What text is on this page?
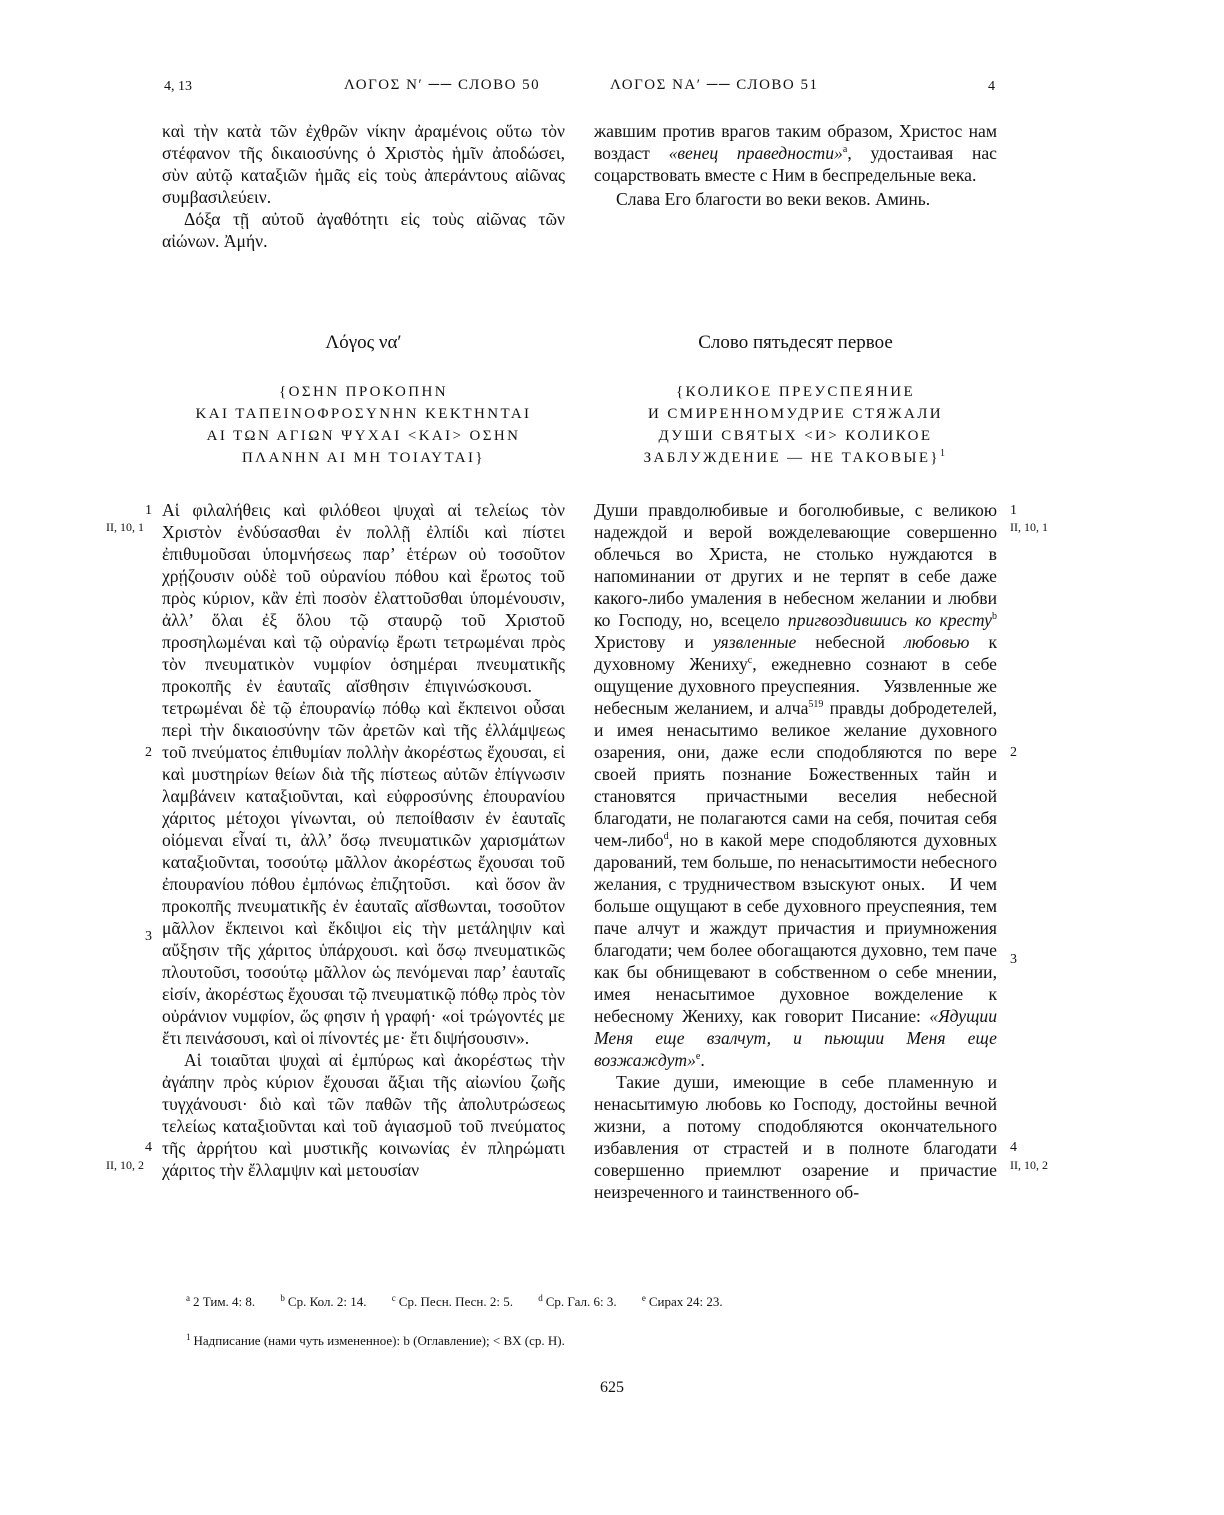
4, 13	ΛΟΓΟΣ Ν′ ── СЛОВО 50	ΛΟΓΟΣ ΝΑ′ ── СЛОВО 51	4

καὶ τὴν κατὰ τῶν ἐχθρῶν νίκην ἀραμένοις οὕτω τὸν στέφανον τῆς δικαιοσύνης ὁ Χριστὸς ἡμῖν ἀποδώσει, σὺν αὐτῷ καταξιῶν ἡμᾶς εἰς τοὺς ἀπεράντους αἰῶνας συμβασιλεύειν.

Δόξα τῇ αὐτοῦ ἀγαθότητι εἰς τοὺς αἰῶνας τῶν αἰώνων. Ἀμήν.

жавшим против врагов таким образом, Христос нам воздаст «венец праведности»$^a$, удостаивая нас соцарствовать вместе с Ним в беспредельные века.

Слава Его благости во веки веков. Аминь.

Λόγος να′	Слово пятьдесят первое
{ΟΣΗΝ ΠΡΟΚΟΠΗΝ
ΚΑΙ ΤΑΠΕΙΝΟΦΡΟΣΥΝΗΝ ΚΕΚΤΗΝΤΑΙ
ΑΙ ΤΩΝ ΑΓΙΩΝ ΨΥΧΑΙ <ΚΑΙ> ΟΣΗΝ
ΠΛΑΝΗΝ ΑΙ ΜΗ ΤΟΙΑΥΤΑΙ}
{КОЛИКОЕ ПРЕУСПЕЯНИЕ
И СМИРЕННОМУДРИЕ СТЯЖАЛИ
ДУШИ СВЯТЫХ <И> КОЛИКОЕ
ЗАБЛУЖДЕНИЕ — НЕ ТАКОВЫЕ}$^1$

Αἱ φιλαλήθεις καὶ φιλόθεοι ψυχαὶ αἱ τελείως τὸν Χριστὸν ἐνδύσασθαι ἐν πολλῇ ἐλπίδι καὶ πίστει ἐπιθυμοῦσαι ὑπομνήσεως παρ’ ἑτέρων οὐ τοσοῦτον χρῄζουσιν οὐδὲ τοῦ οὐρανίου πόθου καὶ ἔρωτος τοῦ πρὸς κύριον, κἂν ἐπὶ ποσὸν ἐλαττοῦσθαι ὑπομένουσιν, ἀλλ’ ὅλαι ἐξ ὅλου τῷ σταυρῷ τοῦ Χριστοῦ προσηλωμέναι καὶ τῷ οὐρανίῳ ἔρωτι τετρωμέναι πρὸς τὸν πνευματικὸν νυμφίον ὁσημέραι πνευματικῆς προκοπῆς ἐν ἑαυταῖς αἴσθησιν ἐπιγινώσκουσι.  τετρωμέναι δὲ τῷ ἐπουρανίῳ πόθῳ καὶ ἔκπεινοι οὖσαι περὶ τὴν δικαιοσύνην τῶν ἀρετῶν καὶ τῆς ἐλλάμψεως τοῦ πνεύματος ἐπιθυμίαν πολλὴν ἀκορέστως ἔχουσαι, εἰ καὶ μυστηρίων θείων διὰ τῆς πίστεως αὐτῶν ἐπίγνωσιν λαμβάνειν καταξιοῦνται, καὶ εὐφροσύνης ἐπουρανίου χάριτος μέτοχοι γίνωνται, οὐ πεποίθασιν ἐν ἑαυταῖς οἰόμεναι εἶναί τι, ἀλλ’ ὅσῳ πνευματικῶν χαρισμάτων καταξιοῦνται, τοσούτῳ μᾶλλον ἀκορέστως ἔχουσαι τοῦ ἐπουρανίου πόθου ἐμπόνως ἐπιζητοῦσι.  καὶ ὅσον ἂν προκοπῆς πνευματικῆς ἐν ἑαυταῖς αἴσθωνται, τοσοῦτον μᾶλλον ἔκπεινοι καὶ ἔκδιψοι εἰς τὴν μετάληψιν καὶ αὔξησιν τῆς χάριτος ὑπάρχουσι. καὶ ὅσῳ πνευματικῶς πλουτοῦσι, τοσούτῳ μᾶλλον ὡς πενόμεναι παρ’ ἑαυταῖς εἰσίν, ἀκορέστως ἔχουσαι τῷ πνευματικῷ πόθῳ πρὸς τὸν οὐράνιον νυμφίον, ὥς φησιν ἡ γραφή· «οἱ τρώγοντές με ἔτι πεινάσουσι, καὶ οἱ πίνοντές με· ἔτι διψήσουσιν».

Αἱ τοιαῦται ψυχαὶ αἱ ἐμπύρως καὶ ἀκορέστως τὴν ἀγάπην πρὸς κύριον ἔχουσαι ἄξιαι τῆς αἰωνίου ζωῆς τυγχάνουσι· διὸ καὶ τῶν παθῶν τῆς ἀπολυτρώσεως τελείως καταξιοῦνται καὶ τοῦ ἁγιασμοῦ τοῦ πνεύματος τῆς ἀρρήτου καὶ μυστικῆς κοινωνίας ἐν πληρώματι χάριτος τὴν ἔλλαμψιν καὶ μετουσίαν

Души правдолюбивые и боголюбивые, с великою надеждой и верой вожделевающие совершенно облечься во Христа, не столько нуждаются в напоминании от других и не терпят в себе даже какого-либо умаления в небесном желании и любви ко Господу, но, всецело пригвоздившись ко кресту$^b$ Христову и уязвленные небесной любовью к духовному Жениху$^c$, ежедневно сознают в себе ощущение духовного преуспеяния.  Уязвленные же небесным желанием, и алча$^{519}$ правды добродетелей, и имея ненасытимо великое желание духовного озарения, они, даже если сподобляются по вере своей приять познание Божественных тайн и становятся причастными веселия небесной благодати, не полагаются сами на себя, почитая себя чем-либо$^d$, но в какой мере сподобляются духовных дарований, тем больше, по ненасытимости небесного желания, с трудничеством взыскуют оных.  И чем больше ощущают в себе духовного преуспеяния, тем паче алчут и жаждут причастия и приумножения благодати; чем более обогащаются духовно, тем паче как бы обнищевают в собственном о себе мнении, имея ненасытимое духовное вожделение к небесному Жениху, как говорит Писание: «Ядущии Меня еще взалчут, и пьющии Меня еще возжаждут»$^e$.

Такие души, имеющие в себе пламенную и ненасытимую любовь ко Господу, достойны вечной жизни, а потому сподобляются окончательного избавления от страстей и в полноте благодати совершенно приемлют озарение и причастие неизреченного и таинственного об-

1
II, 10, 1
2
3
4
II, 10, 2
1
II, 10, 1
2
3
4
II, 10, 2
$^a$ 2 Тим. 4: 8.	$^b$ Ср. Кол. 2: 14.	$^c$ Ср. Песн. Песн. 2: 5.	$^d$ Ср. Гал. 6: 3.	$^e$ Сирах 24: 23.
$^1$ Надписание (нами чуть измененное): b (Оглавление); < BX (ср. H).
625
